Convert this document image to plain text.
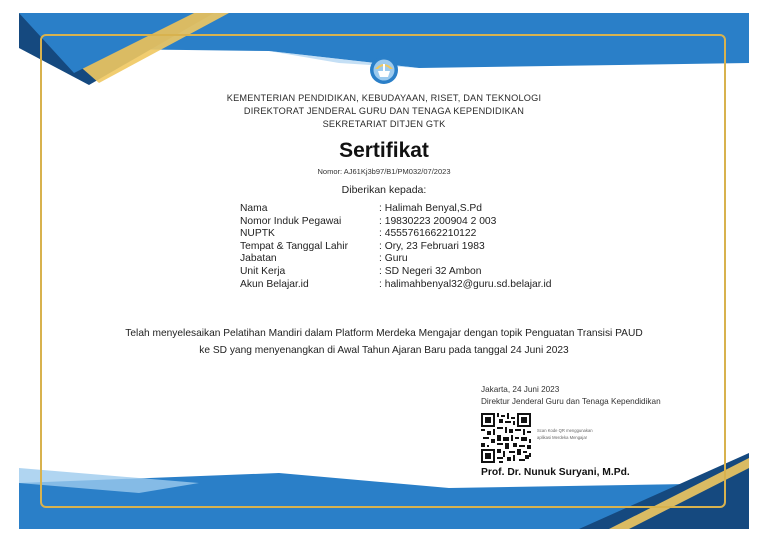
KEMENTERIAN PENDIDIKAN, KEBUDAYAAN, RISET, DAN TEKNOLOGI
DIREKTORAT JENDERAL GURU DAN TENAGA KEPENDIDIKAN
SEKRETARIAT DITJEN GTK
Sertifikat
Nomor: AJ61Kj3b97/B1/PM032/07/2023
Diberikan kepada:
Nama	: Halimah Benyal,S.Pd
Nomor Induk Pegawai	: 19830223 200904 2 003
NUPTK	: 4555761662210122
Tempat & Tanggal Lahir	: Ory, 23 Februari 1983
Jabatan	: Guru
Unit Kerja	: SD Negeri 32 Ambon
Akun Belajar.id	: halimahbenyal32@guru.sd.belajar.id
Telah menyelesaikan Pelatihan Mandiri dalam Platform Merdeka Mengajar dengan topik Penguatan Transisi PAUD
ke SD yang menyenangkan di Awal Tahun Ajaran Baru pada tanggal 24 Juni 2023
Jakarta, 24 Juni 2023
Direktur Jenderal Guru dan Tenaga Kependidikan
Scan Kode QR menggunakan
aplikasi Merdeka Mengajar
Prof. Dr. Nunuk Suryani, M.Pd.
